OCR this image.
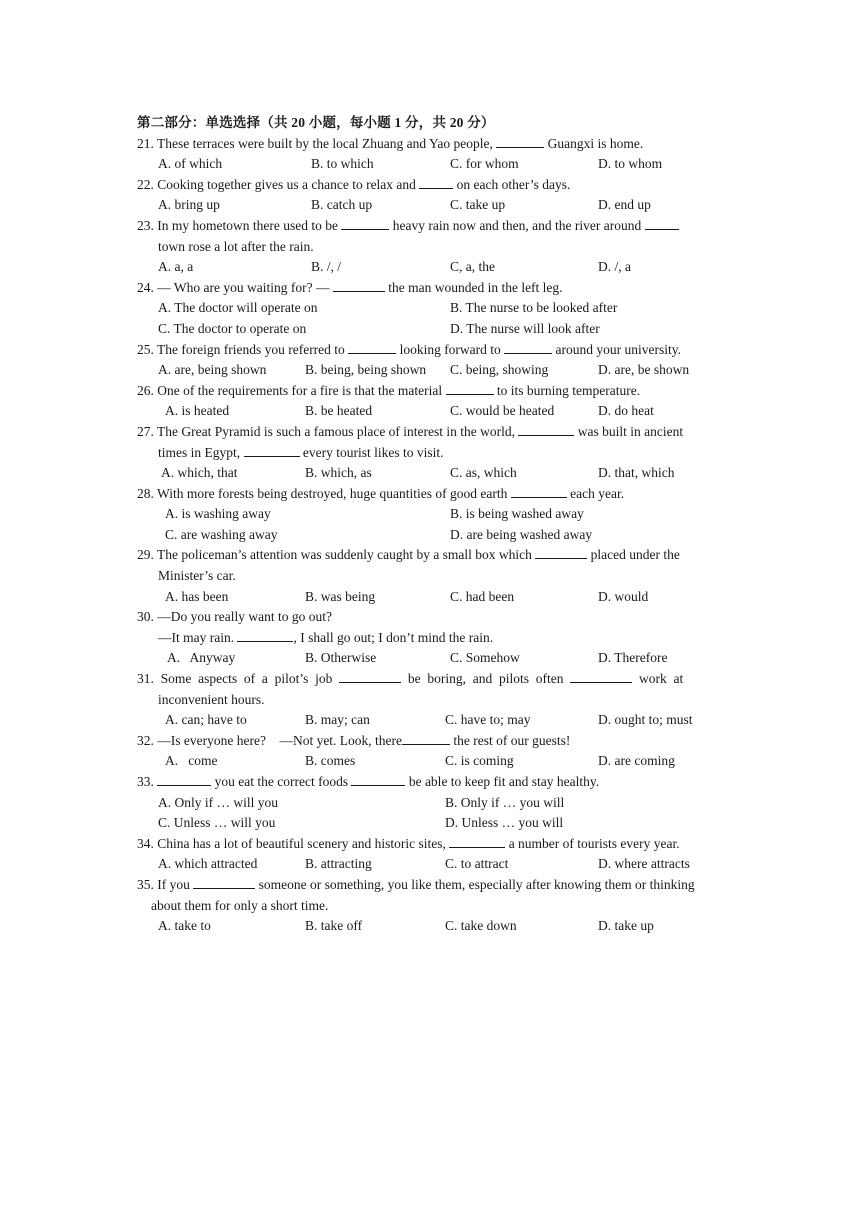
第二部分：单选选择（共 20 小题，每小题 1 分，共 20 分）
21. These terraces were built by the local Zhuang and Yao people,	Guangxi is home.
A. of which	B. to which	C. for whom	D. to whom
22. Cooking together gives us a chance to relax and	on each other’s days.
A. bring up	B. catch up	C. take up	D. end up
23. In my hometown there used to be	heavy rain now and then, and the river around
town rose a lot after the rain.
A. a, a	B. /, /	C, a, the	D. /, a
24. — Who are you waiting for? —	the man wounded in the left leg.
A. The doctor will operate on	B. The nurse to be looked after
C. The doctor to operate on	D. The nurse will look after
25. The foreign friends you referred to	looking forward to	around your university.
A. are, being shown	B. being, being shown C. being, showing	D. are, be shown
26. One of the requirements for a fire is that the material	to its burning temperature.
A. is heated	B. be heated	C. would be heated	D. do heat
27. The Great Pyramid is such a famous place of interest in the world,	was built in ancient
times in Egypt,	every tourist likes to visit.
A. which, that	B. which, as	C. as, which	D. that, which
28. With more forests being destroyed, huge quantities of good earth	each year.
A. is washing away	B. is being washed away
C. are washing away	D. are being washed away
29. The policeman’s attention was suddenly caught by a small box which	placed under the
Minister’s car.
A. has been	B. was being	C. had been	D. would
30. —Do you really want to go out?
—It may rain.	, I shall go out; I don’t mind the rain.
A.   Anyway	B. Otherwise	C. Somehow	D. Therefore
31.  Some  aspects  of  a  pilot’s  job	be  boring,  and  pilots  often	work  at
inconvenient hours.
A. can; have to	B. may; can	C. have to; may	D. ought to; must
32. —Is everyone here?    —Not yet. Look, there	the rest of our guests!
A.   come	B. comes	C. is coming	D. are coming
33.	you eat the correct foods	be able to keep fit and stay healthy.
A. Only if … will you	B. Only if … you will
C. Unless … will you	D. Unless … you will
34. China has a lot of beautiful scenery and historic sites,	a number of tourists every year.
A. which attracted	B. attracting	C. to attract	D. where attracts
35. If you	someone or something, you like them, especially after knowing them or thinking
about them for only a short time.
A. take to	B. take off	C. take down	D. take up
